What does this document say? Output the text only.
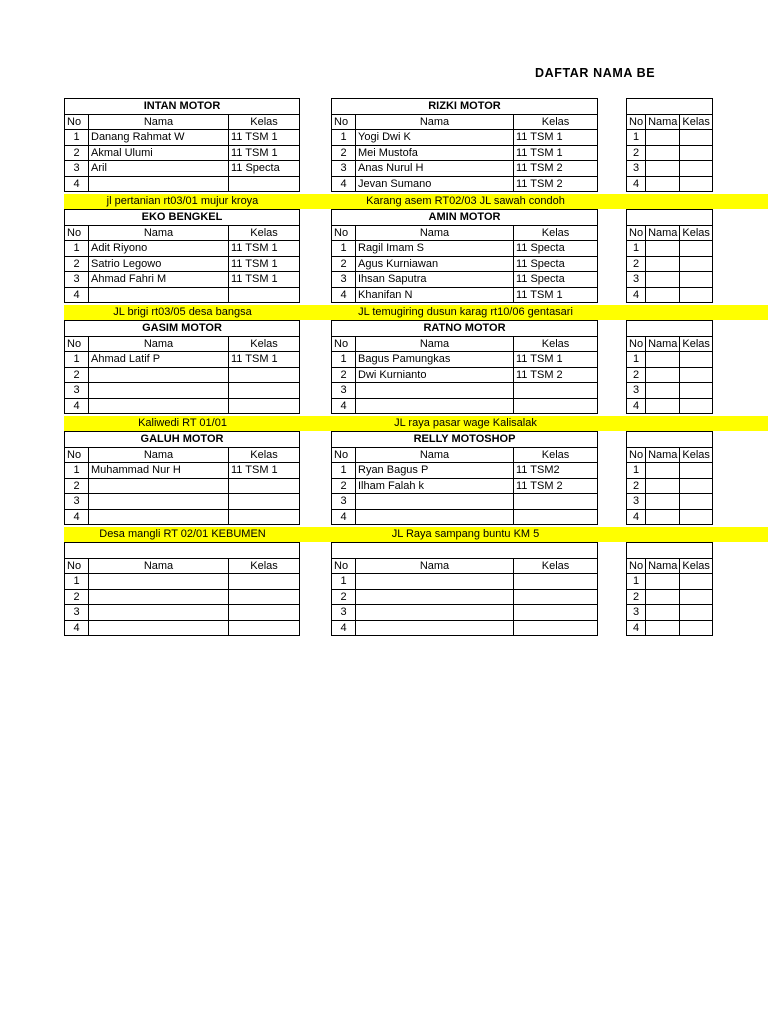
DAFTAR NAMA BE
INTAN MOTOR		
No	Nama	Kelas
1	Danang Rahmat W	11 TSM 1
2	Akmal Ulumi	11 TSM 1
3	Aril	11 Specta
4		
RIZKI MOTOR		
No	Nama	Kelas
1	Yogi Dwi K	11 TSM 1
2	Mei Mustofa	11 TSM 1
3	Anas Nurul H	11 TSM 2
4	Jevan Sumano	11 TSM 2

No	Nama	Kelas
1		
2		
3		
4		
EKO BENGKEL		
No	Nama	Kelas
1	Adit Riyono	11 TSM 1
2	Satrio Legowo	11 TSM 1
3	Ahmad Fahri M	11 TSM 1
4		
AMIN MOTOR		
No	Nama	Kelas
1	Ragil Imam S	11 Specta
2	Agus Kurniawan	11 Specta
3	Ihsan Saputra	11 Specta
4	Khanifan N	11 TSM 1

No	Nama	Kelas
1		
2		
3		
4		
GASIM MOTOR		
No	Nama	Kelas
1	Ahmad Latif P	11 TSM 1
2		
3		
4		
RATNO MOTOR		
No	Nama	Kelas
1	Bagus Pamungkas	11 TSM 1
2	Dwi Kurnianto	11 TSM 2
3		
4		

No	Nama	Kelas
1		
2		
3		
4		
GALUH MOTOR		
No	Nama	Kelas
1	Muhammad Nur H	11 TSM 1
2		
3		
4		
RELLY MOTOSHOP		
No	Nama	Kelas
1	Ryan Bagus P	11 TSM2
2	Ilham Falah k	11 TSM 2
3		
4		

No	Nama	Kelas
1		
2		
3		
4		

No	Nama	Kelas
1		
2		
3		
4		

No	Nama	Kelas
1		
2		
3		
4		

No	Nama	Kelas
1		
2		
3		
4		
jl pertanian rt03/01 mujur kroya	Karang asem RT02/03 JL sawah condoh
JL brigi rt03/05 desa bangsa	JL temugiring dusun karag rt10/06 gentasari
Kaliwedi RT 01/01	JL raya pasar wage Kalisalak
Desa mangli RT 02/01 KEBUMEN	JL Raya sampang buntu KM 5
